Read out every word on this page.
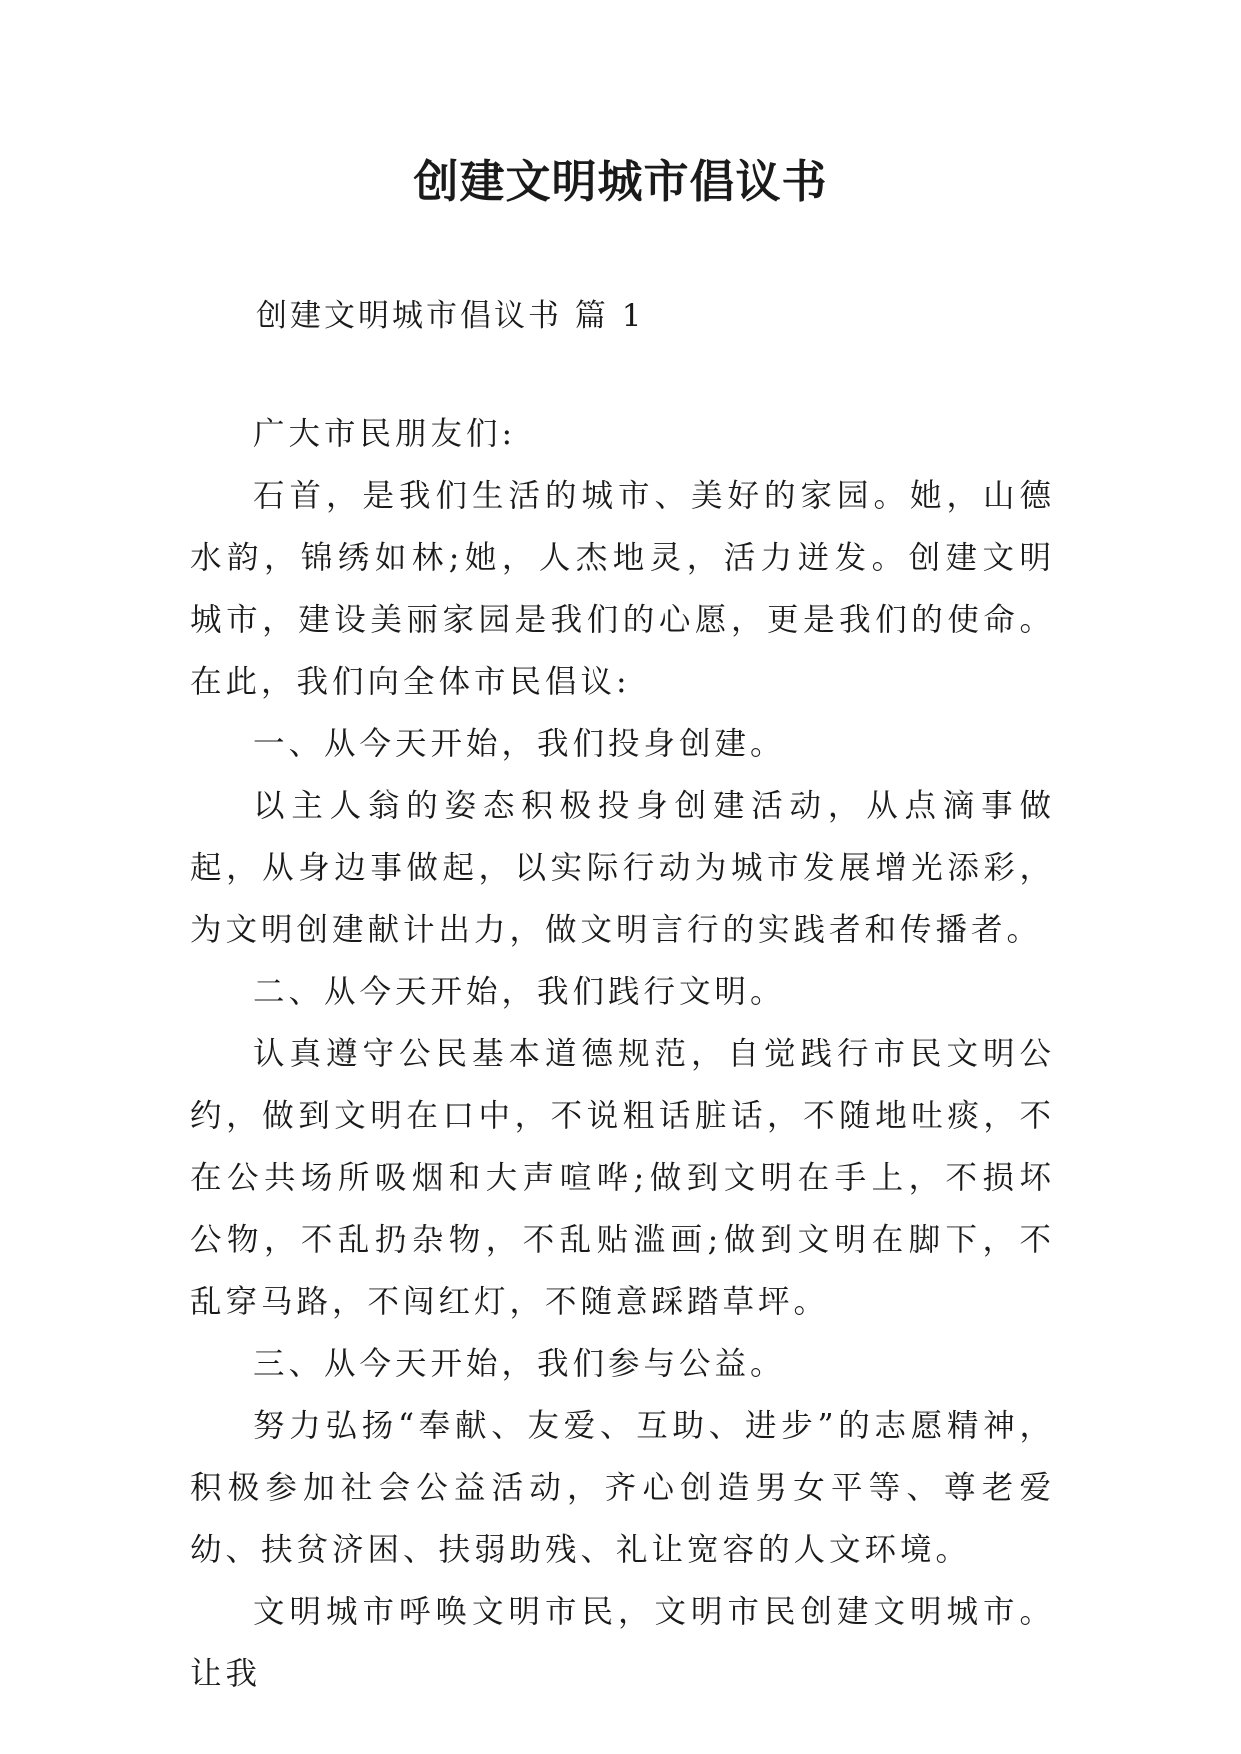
创建文明城市倡议书
创建文明城市倡议书 篇 1

广大市民朋友们:

石首，是我们生活的城市、美好的家园。她，山德水韵，锦绣如林;她，人杰地灵，活力迸发。创建文明城市，建设美丽家园是我们的心愿，更是我们的使命。在此，我们向全体市民倡议:

一、从今天开始，我们投身创建。

以主人翁的姿态积极投身创建活动，从点滴事做起，从身边事做起，以实际行动为城市发展增光添彩，为文明创建献计出力，做文明言行的实践者和传播者。

二、从今天开始，我们践行文明。

认真遵守公民基本道德规范，自觉践行市民文明公约，做到文明在口中，不说粗话脏话，不随地吐痰，不在公共场所吸烟和大声喧哗;做到文明在手上，不损坏公物，不乱扔杂物，不乱贴滥画;做到文明在脚下，不乱穿马路，不闯红灯，不随意踩踏草坪。

三、从今天开始，我们参与公益。

努力弘扬“奉献、友爱、互助、进步”的志愿精神，积极参加社会公益活动，齐心创造男女平等、尊老爱幼、扶贫济困、扶弱助残、礼让宽容的人文环境。

文明城市呼唤文明市民，文明市民创建文明城市。让我
